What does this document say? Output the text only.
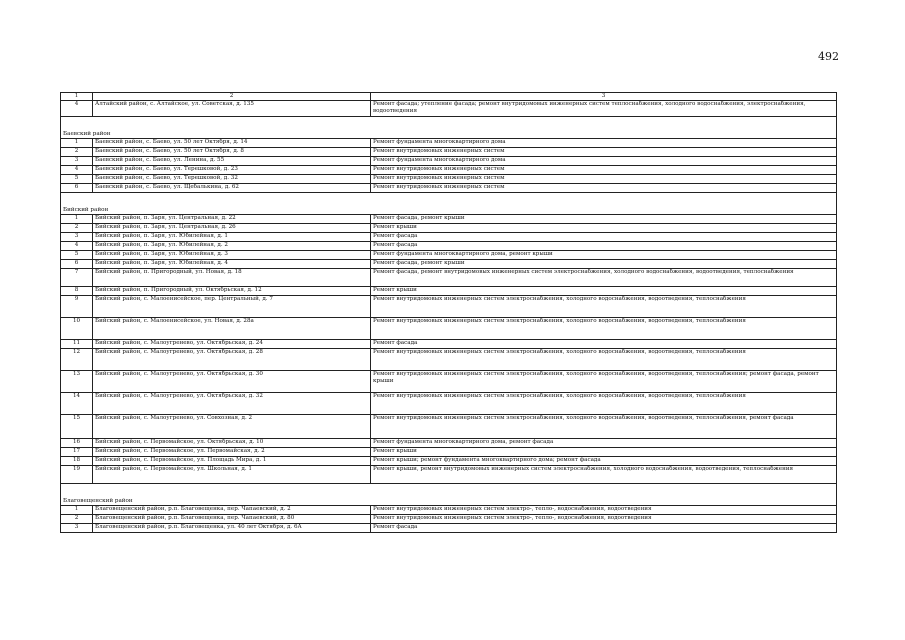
492
1	2	3
4	Алтайский район, с. Алтайское, ул. Советская, д. 135	Ремонт фасада; утепление фасада; ремонт внутридомовых инженерных систем теплоснабжения, холодного водоснабжения, электроснабжения, водоотведения
Баевский район		
1	Баевский район, с. Баево, ул. 50 лет Октября, д. 14	Ремонт фундамента многоквартирного дома
2	Баевский район, с. Баево, ул. 50 лет Октября, д. 8	Ремонт внутридомовых инженерных систем
3	Баевский район, с. Баево, ул. Ленина, д. 55	Ремонт фундамента многоквартирного дома
4	Баевский район, с. Баево, ул. Терешковой, д. 23	Ремонт внутридомовых инженерных систем
5	Баевский район, с. Баево, ул. Терешковой, д. 32	Ремонт внутридомовых инженерных систем
6	Баевский район, с. Баево, ул. Щебалькина, д. 62	Ремонт внутридомовых инженерных систем
Бийский район		
1	Бийский район, п. Заря, ул. Центральная, д. 22	Ремонт фасада, ремонт крыши
2	Бийский район, п. Заря, ул. Центральная, д. 26	Ремонт крыши
3	Бийский район, п. Заря, ул. Юбилейная, д. 1	Ремонт фасада
4	Бийский район, п. Заря, ул. Юбилейная, д. 2	Ремонт фасада
5	Бийский район, п. Заря, ул. Юбилейная, д. 3	Ремонт фундамента многоквартирного дома, ремонт крыши
6	Бийский район, п. Заря, ул. Юбилейная, д. 4	Ремонт фасада, ремонт крыши
7	Бийский район, п. Пригородный, ул. Новая, д. 18	Ремонт фасада, ремонт внутридомовых инженерных систем электроснабжения, холодного водоснабжения, водоотведения, теплоснабжения
8	Бийский район, п. Пригородный, ул. Октябрьская, д. 12	Ремонт крыши
9	Бийский район, с. Малоенисейское, пер. Центральный, д. 7	Ремонт внутридомовых инженерных систем электроснабжения, холодного водоснабжения, водоотведения, теплоснабжения
10	Бийский район, с. Малоенисейское, ул. Новая, д. 28а	Ремонт внутридомовых инженерных систем электроснабжения, холодного водоснабжения, водоотведения, теплоснабжения
11	Бийский район, с. Малоугренево, ул. Октябрьская, д. 24	Ремонт фасада
12	Бийский район, с. Малоугренево, ул. Октябрьская, д. 28	Ремонт внутридомовых инженерных систем электроснабжения, холодного водоснабжения, водоотведения, теплоснабжения
13	Бийский район, с. Малоугренево, ул. Октябрьская, д. 30	Ремонт внутридомовых инженерных систем электроснабжения, холодного водоснабжения, водоотведения, теплоснабжения; ремонт фасада, ремонт крыши
14	Бийский район, с. Малоугренево, ул. Октябрьская, д. 32	Ремонт внутридомовых инженерных систем электроснабжения, холодного водоснабжения, водоотведения, теплоснабжения
15	Бийский район, с. Малоугренево, ул. Совхозная, д. 2	Ремонт внутридомовых инженерных систем электроснабжения, холодного водоснабжения, водоотведения, теплоснабжения, ремонт фасада
16	Бийский район, с. Первомайское, ул. Октябрьская, д. 10	Ремонт фундамента многоквартирного дома, ремонт фасада
17	Бийский район, с. Первомайское, ул. Первомайская, д. 2	Ремонт крыши
18	Бийский район, с. Первомайское, ул. Площадь Мира, д. 1	Ремонт крыши; ремонт фундамента многоквартирного дома; ремонт фасада
19	Бийский район, с. Первомайское, ул. Школьная, д. 1	Ремонт крыши, ремонт внутридомовых инженерных систем электроснабжения, холодного водоснабжения, водоотведения, теплоснабжения
Благовещенский район		
1	Благовещенский район, р.п. Благовещенка, пер. Чапаевский, д. 2	Ремонт внутридомовых инженерных систем электро-, тепло-, водоснабжения, водоотведения
2	Благовещенский район, р.п. Благовещенка, пер. Чапаевский, д. 80	Ремонт внутридомовых инженерных систем электро-, тепло-, водоснабжения, водоотведения
3	Благовещенский район, р.п. Благовещенка, ул. 40 лет Октября, д. 6А	Ремонт фасада
